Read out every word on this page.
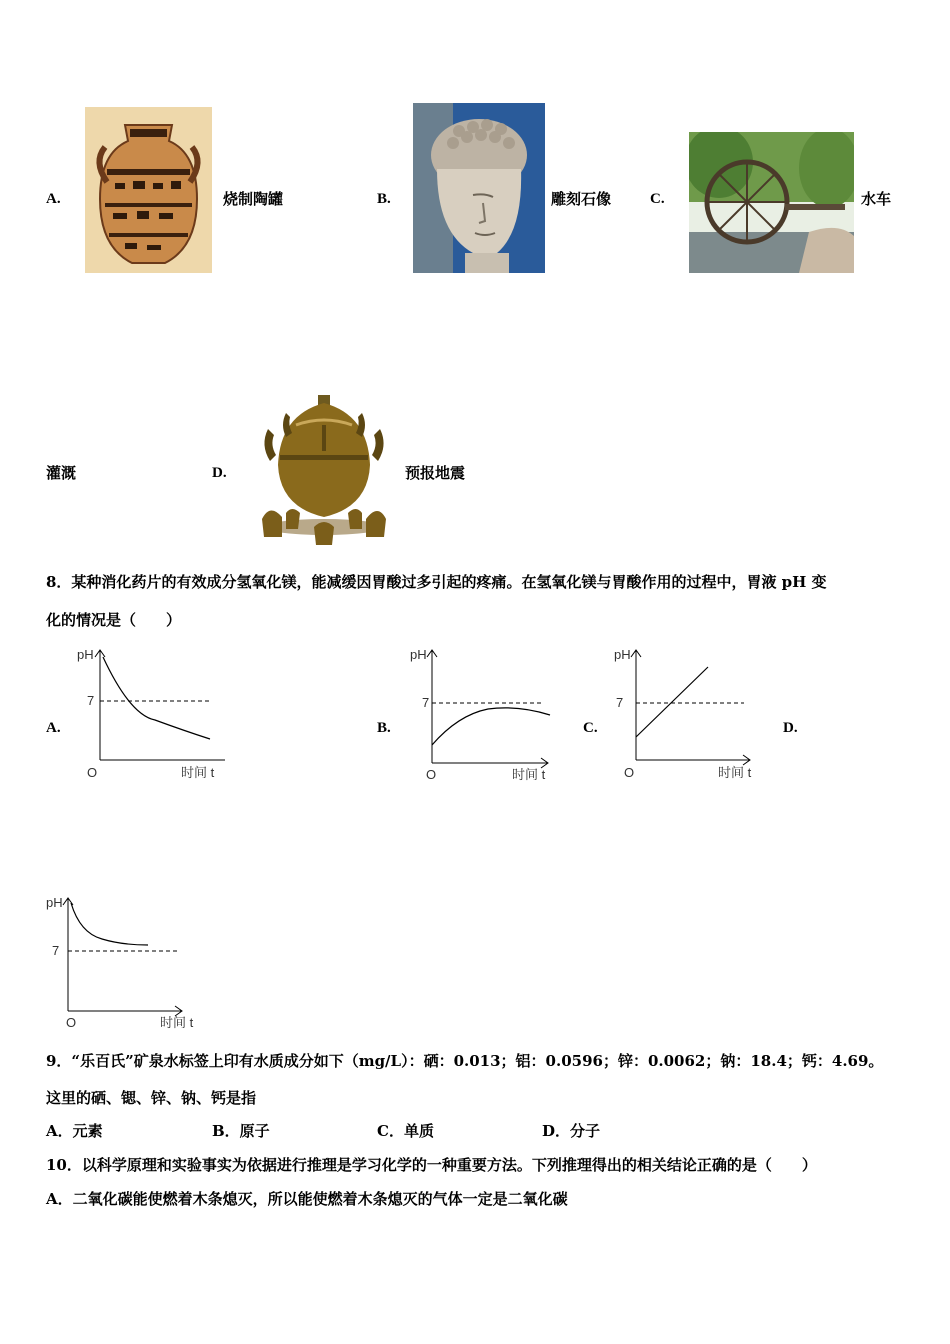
A.	烧制陶罐	B.	雕刻石像	C.	水车
灌溉	D.	预报地震
8．某种消化药片的有效成分氢氧化镁，能减缓因胃酸过多引起的疼痛。在氢氧化镁与胃酸作用的过程中，胃液 pH 变
化的情况是（　　）
A.	B.	C.	D.
pH
7
O	时间 t
pH
7
O	时间 t
pH
7
O	时间 t
pH
7
O	时间 t
9．“乐百氏”矿泉水标签上印有水质成分如下（mg/L）：硒：0.013；铝：0.0596；锌：0.0062；钠：18.4；钙：4.69。
这里的硒、锶、锌、钠、钙是指
A．元素	B．原子	C．单质	D．分子
10．以科学原理和实验事实为依据进行推理是学习化学的一种重要方法。下列推理得出的相关结论正确的是（　　）
A．二氧化碳能使燃着木条熄灭，所以能使燃着木条熄灭的气体一定是二氧化碳
